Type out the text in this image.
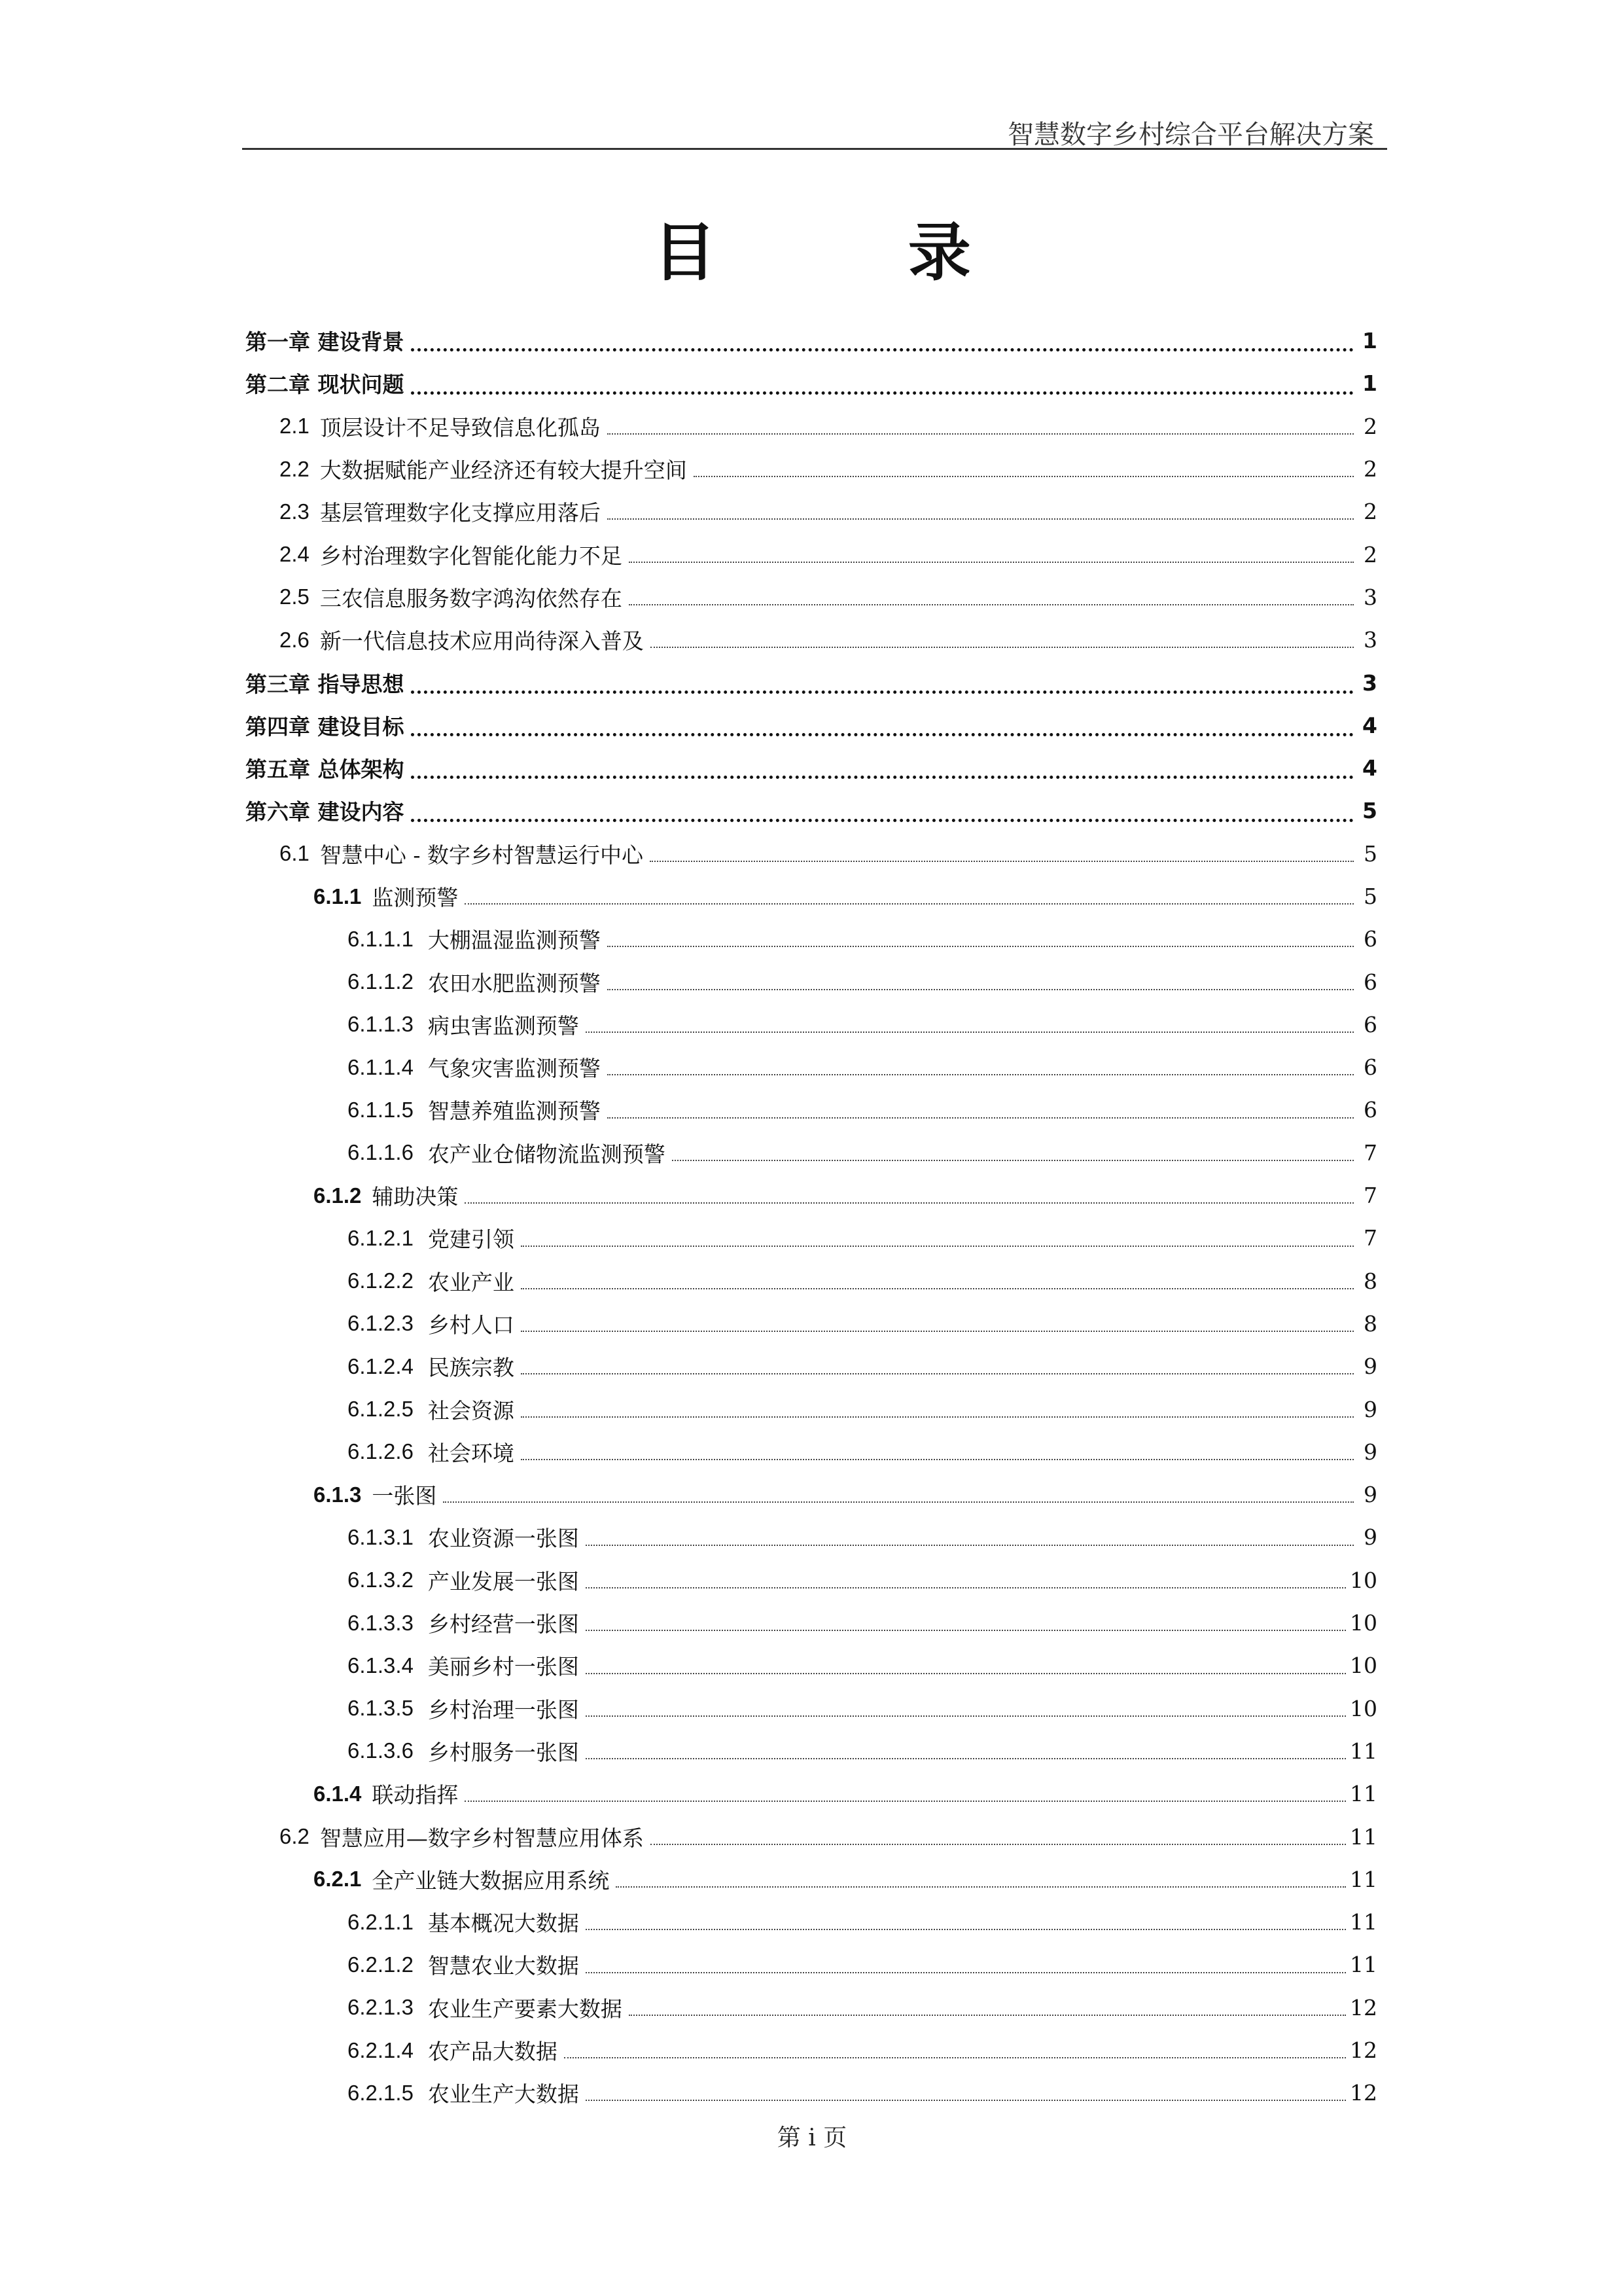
智慧数字乡村综合平台解决方案
目 录
第一章 建设背景	1
第二章 现状问题	1
2.1 顶层设计不足导致信息化孤岛	2
2.2 大数据赋能产业经济还有较大提升空间	2
2.3 基层管理数字化支撑应用落后	2
2.4 乡村治理数字化智能化能力不足	2
2.5 三农信息服务数字鸿沟依然存在	3
2.6 新一代信息技术应用尚待深入普及	3
第三章 指导思想	3
第四章 建设目标	4
第五章 总体架构	4
第六章 建设内容	5
6.1 智慧中心 - 数字乡村智慧运行中心	5
6.1.1 监测预警	5
6.1.1.1 大棚温湿监测预警	6
6.1.1.2 农田水肥监测预警	6
6.1.1.3 病虫害监测预警	6
6.1.1.4 气象灾害监测预警	6
6.1.1.5 智慧养殖监测预警	6
6.1.1.6 农产业仓储物流监测预警	7
6.1.2 辅助决策	7
6.1.2.1 党建引领	7
6.1.2.2 农业产业	8
6.1.2.3 乡村人口	8
6.1.2.4 民族宗教	9
6.1.2.5 社会资源	9
6.1.2.6 社会环境	9
6.1.3 一张图	9
6.1.3.1 农业资源一张图	9
6.1.3.2 产业发展一张图	10
6.1.3.3 乡村经营一张图	10
6.1.3.4 美丽乡村一张图	10
6.1.3.5 乡村治理一张图	10
6.1.3.6 乡村服务一张图	11
6.1.4 联动指挥	11
6.2 智慧应用—数字乡村智慧应用体系	11
6.2.1 全产业链大数据应用系统	11
6.2.1.1 基本概况大数据	11
6.2.1.2 智慧农业大数据	11
6.2.1.3 农业生产要素大数据	12
6.2.1.4 农产品大数据	12
6.2.1.5 农业生产大数据	12
第 i 页
